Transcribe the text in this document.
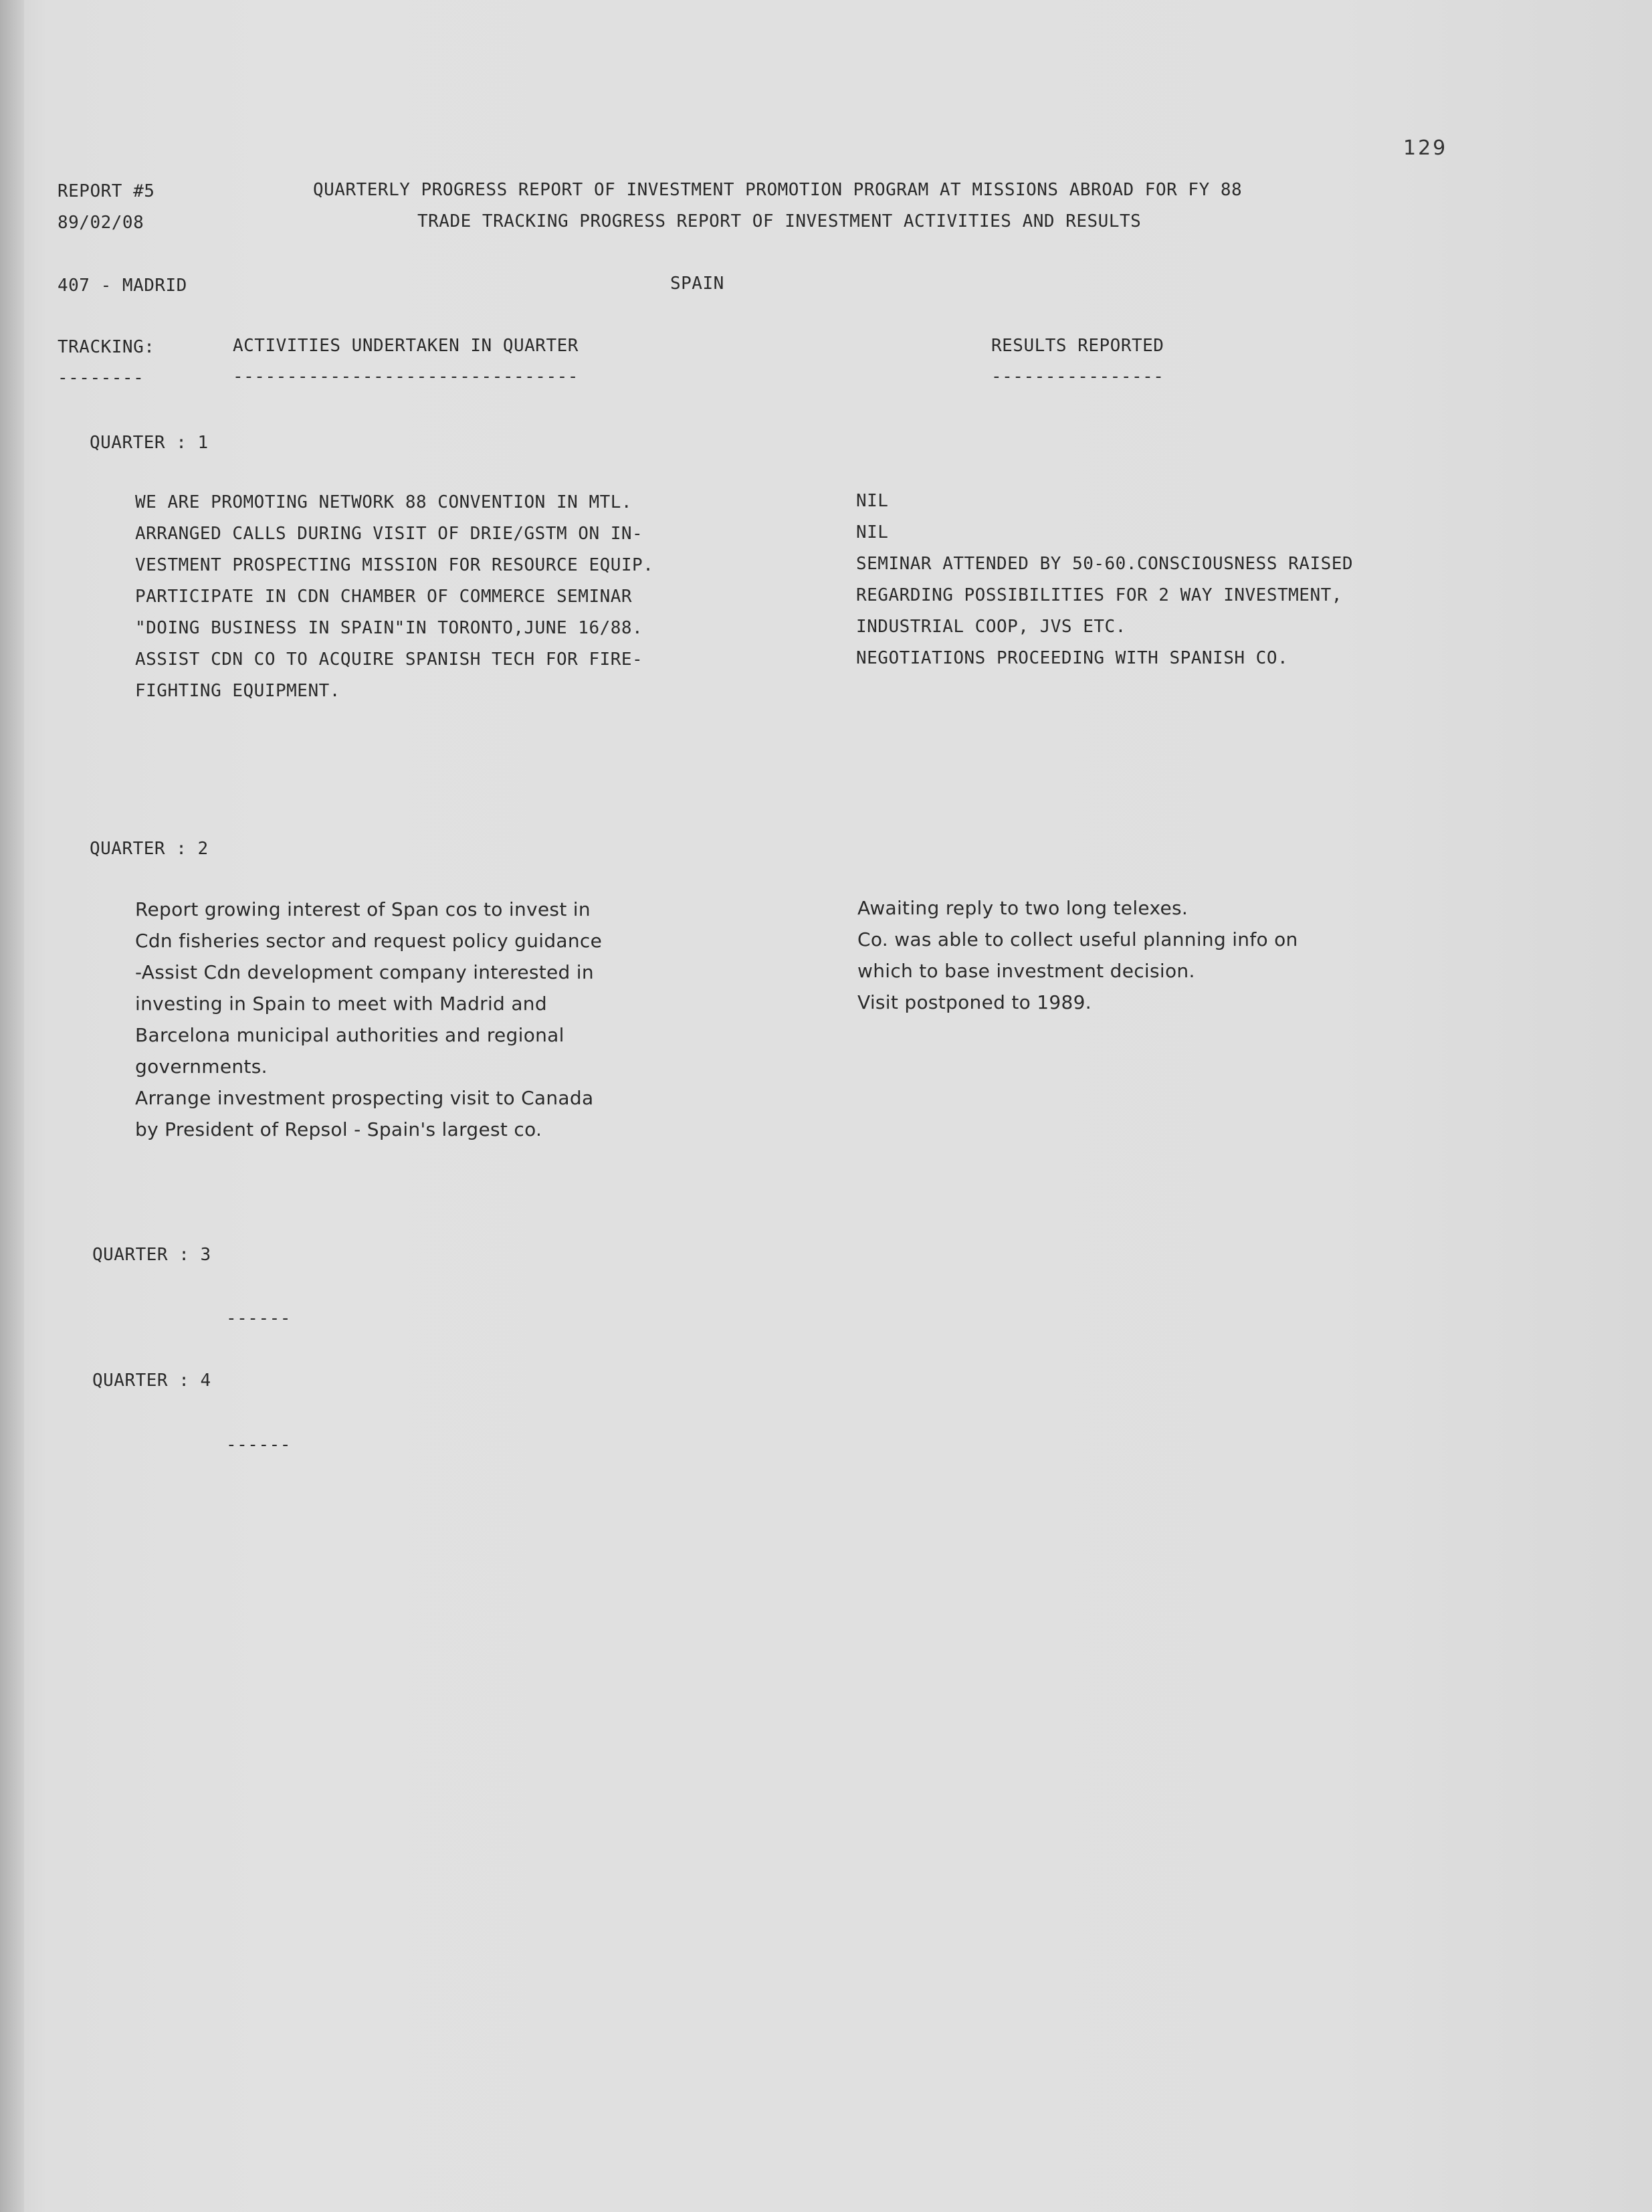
129
REPORT #5
89/02/08
QUARTERLY PROGRESS REPORT OF INVESTMENT PROMOTION PROGRAM AT MISSIONS ABROAD FOR FY 88
TRADE TRACKING PROGRESS REPORT OF INVESTMENT ACTIVITIES AND RESULTS
407 - MADRID	SPAIN
TRACKING:
--------
ACTIVITIES UNDERTAKEN IN QUARTER
--------------------------------
RESULTS REPORTED
----------------
QUARTER : 1
WE ARE PROMOTING NETWORK 88 CONVENTION IN MTL.
ARRANGED CALLS DURING VISIT OF DRIE/GSTM ON IN-
VESTMENT PROSPECTING MISSION FOR RESOURCE EQUIP.
PARTICIPATE IN CDN CHAMBER OF COMMERCE SEMINAR
"DOING BUSINESS IN SPAIN"IN TORONTO,JUNE 16/88.
ASSIST CDN CO TO ACQUIRE SPANISH TECH FOR FIRE-
FIGHTING EQUIPMENT.
NIL
NIL
SEMINAR ATTENDED BY 50-60.CONSCIOUSNESS RAISED
REGARDING POSSIBILITIES FOR 2 WAY INVESTMENT,
INDUSTRIAL COOP, JVS ETC.
NEGOTIATIONS PROCEEDING WITH SPANISH CO.
QUARTER : 2
Report growing interest of Span cos to invest in
Cdn fisheries sector and request policy guidance
-Assist Cdn development company interested in
investing in Spain to meet with Madrid and
Barcelona municipal authorities and regional
governments.
Arrange investment prospecting visit to Canada
by President of Repsol - Spain's largest co.
Awaiting reply to two long telexes.
Co. was able to collect useful planning info on
which to base investment decision.
Visit postponed to 1989.
QUARTER : 3
------
QUARTER : 4
------
